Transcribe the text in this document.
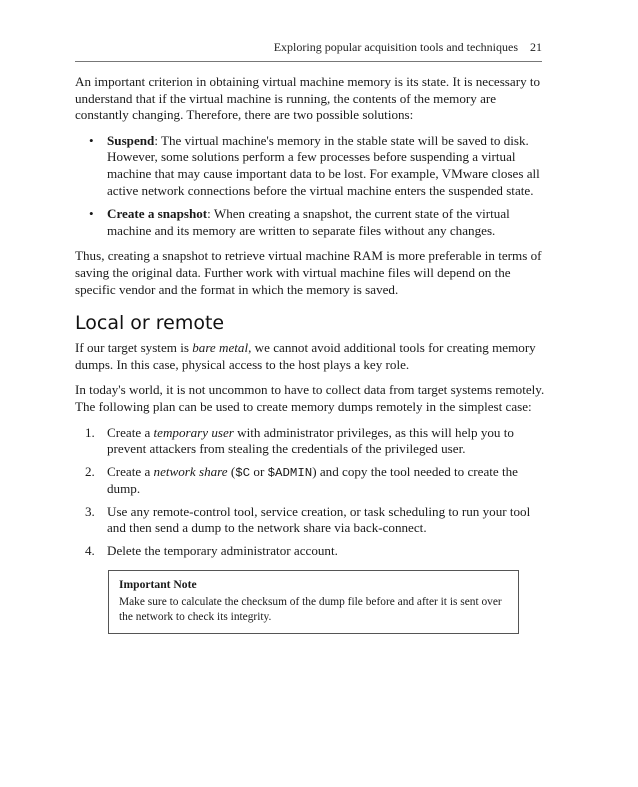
Exploring popular acquisition tools and techniques 21

An important criterion in obtaining virtual machine memory is its state. It is necessary to understand that if the virtual machine is running, the contents of the memory are constantly changing. Therefore, there are two possible solutions:

• Suspend: The virtual machine's memory in the stable state will be saved to disk. However, some solutions perform a few processes before suspending a virtual machine that may cause important data to be lost. For example, VMware closes all active network connections before the virtual machine enters the suspended state.
• Create a snapshot: When creating a snapshot, the current state of the virtual machine and its memory are written to separate files without any changes.

Thus, creating a snapshot to retrieve virtual machine RAM is more preferable in terms of saving the original data. Further work with virtual machine files will depend on the specific vendor and the format in which the memory is saved.

Local or remote

If our target system is bare metal, we cannot avoid additional tools for creating memory dumps. In this case, physical access to the host plays a key role.

In today's world, it is not uncommon to have to collect data from target systems remotely. The following plan can be used to create memory dumps remotely in the simplest case:

1. Create a temporary user with administrator privileges, as this will help you to prevent attackers from stealing the credentials of the privileged user.
2. Create a network share ($C or $ADMIN) and copy the tool needed to create the dump.
3. Use any remote-control tool, service creation, or task scheduling to run your tool and then send a dump to the network share via back-connect.
4. Delete the temporary administrator account.
Important Note
Make sure to calculate the checksum of the dump file before and after it is sent over the network to check its integrity.
